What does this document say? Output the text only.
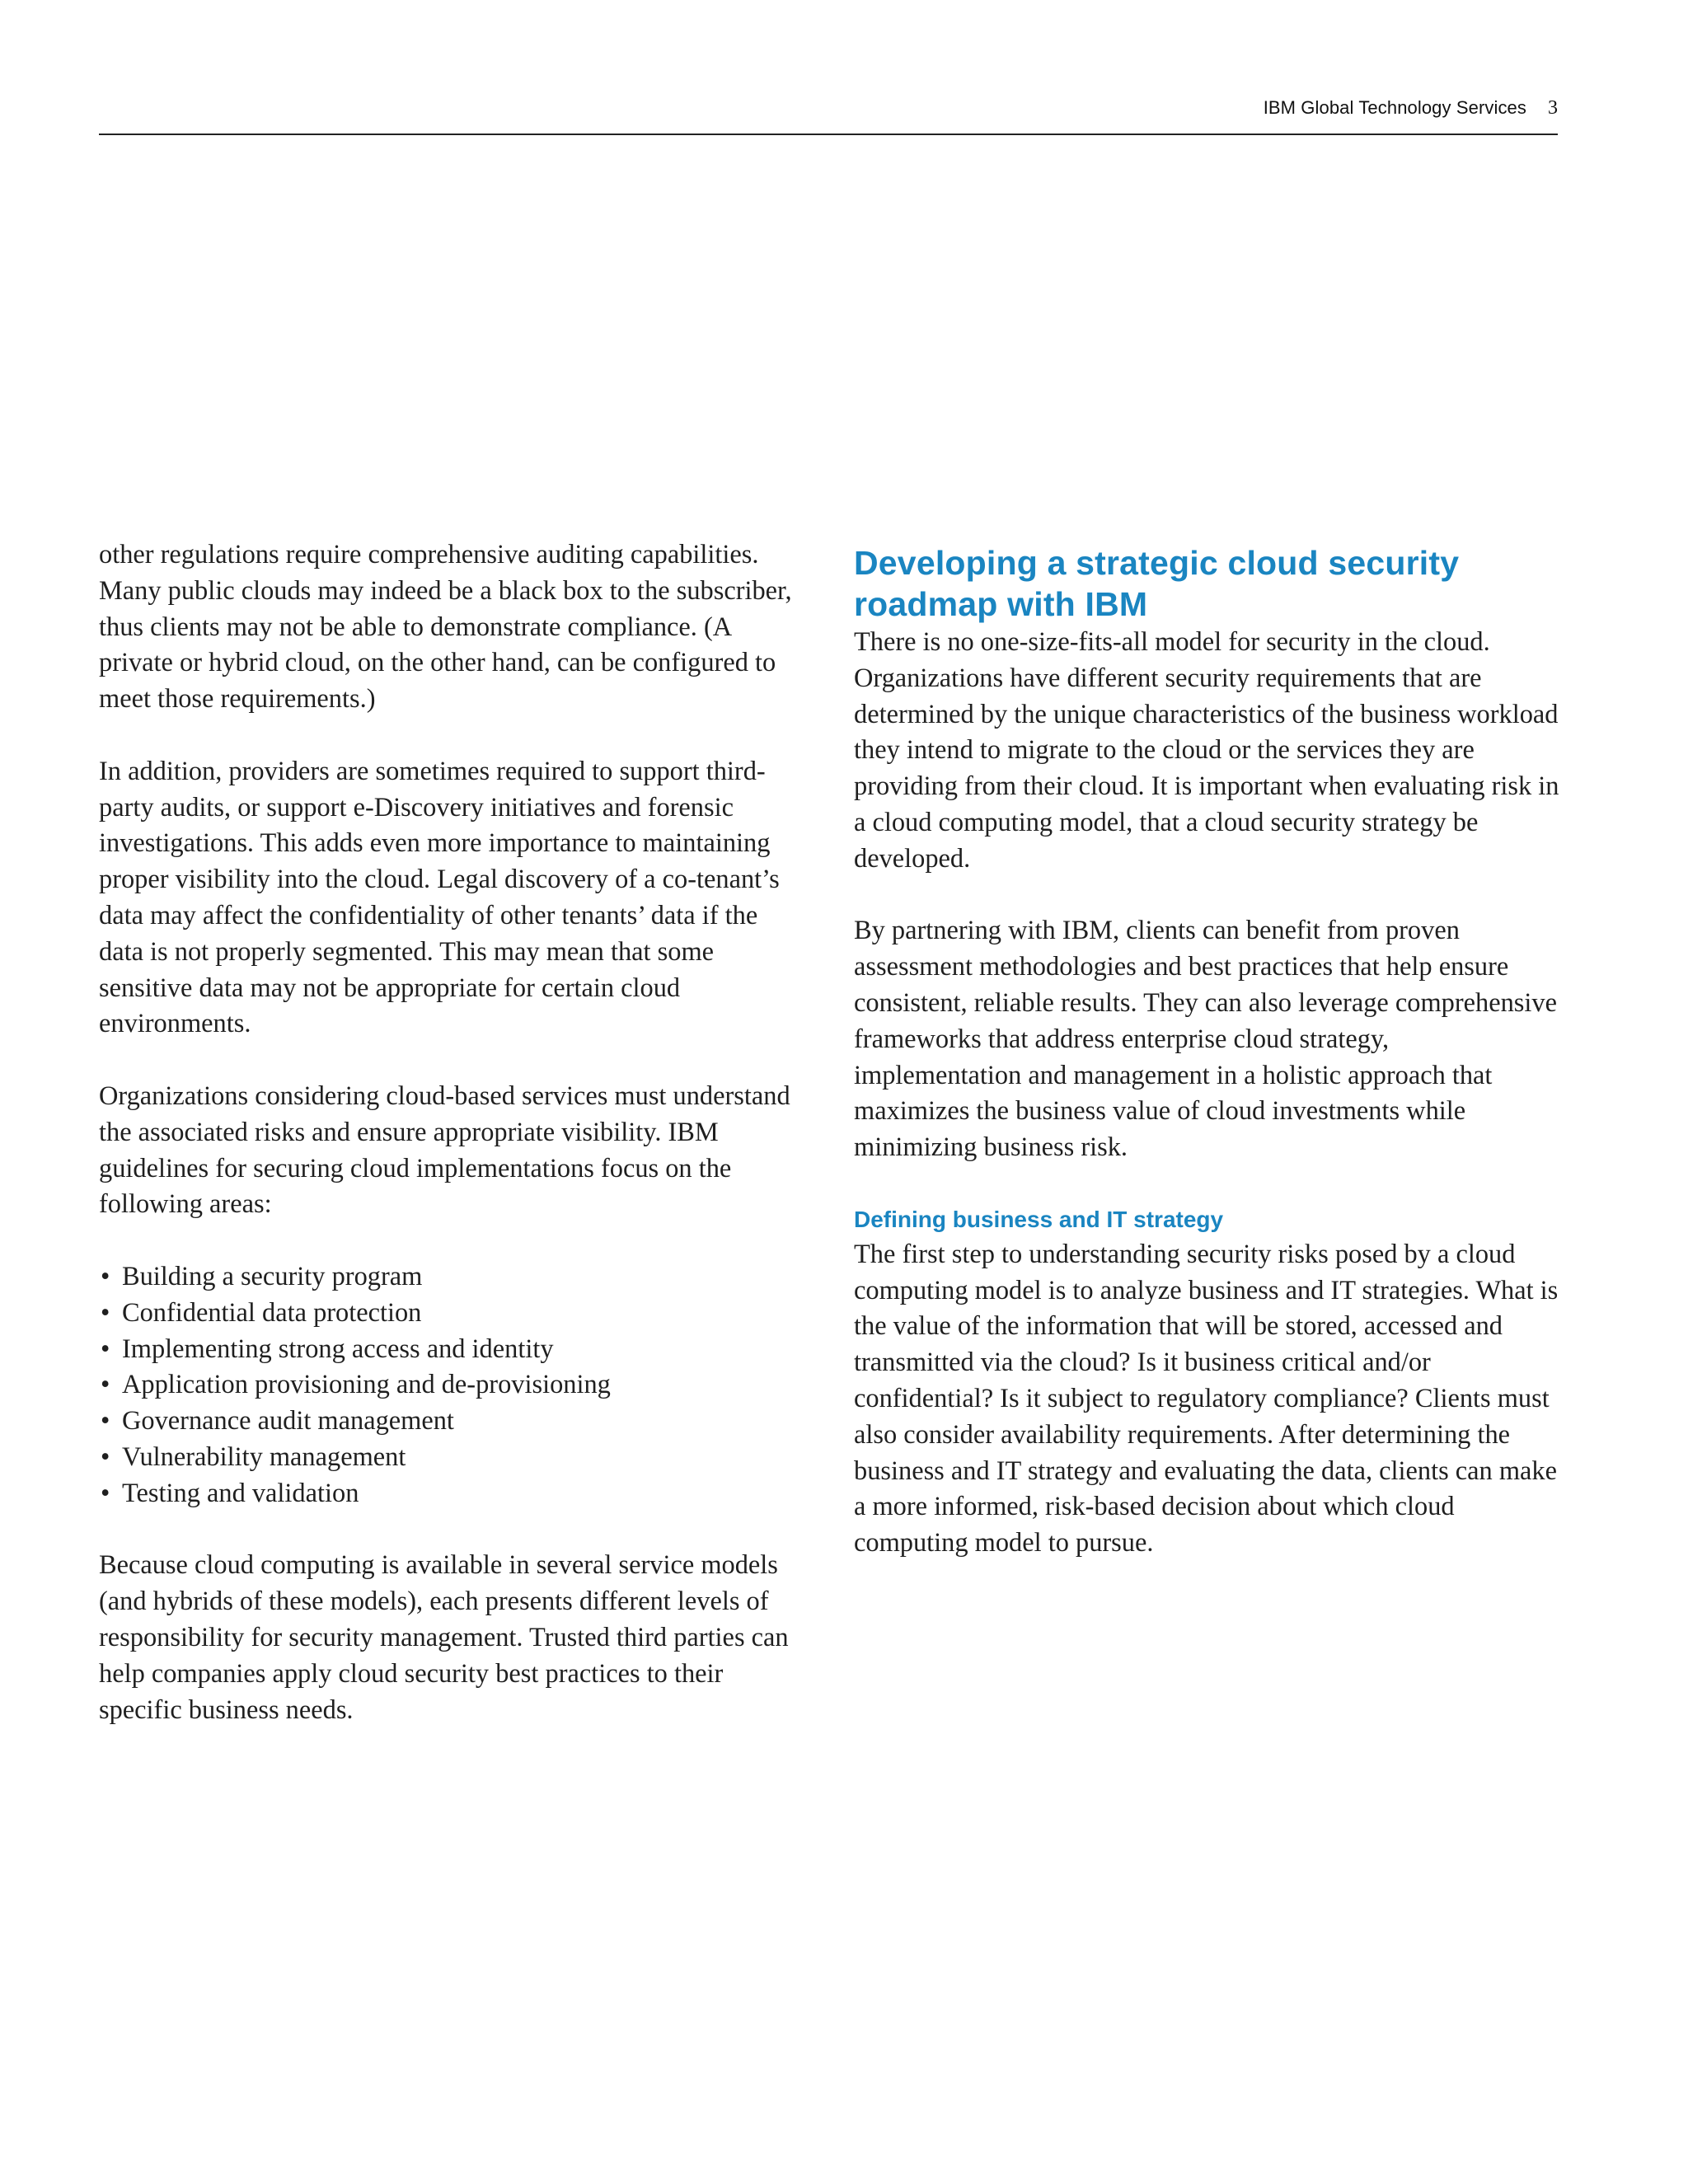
IBM Global Technology Services 3

other regulations require comprehensive auditing capabilities. Many public clouds may indeed be a black box to the subscriber, thus clients may not be able to demonstrate compliance. (A private or hybrid cloud, on the other hand, can be configured to meet those requirements.)

In addition, providers are sometimes required to support third-party audits, or support e-Discovery initiatives and forensic investigations. This adds even more importance to maintaining proper visibility into the cloud. Legal discovery of a co-tenant’s data may affect the confidentiality of other tenants’ data if the data is not properly segmented. This may mean that some sensitive data may not be appropriate for certain cloud environments.

Organizations considering cloud-based services must understand the associated risks and ensure appropriate visibility. IBM guidelines for securing cloud implementations focus on the following areas:

• Building a security program
• Confidential data protection
• Implementing strong access and identity
• Application provisioning and de-provisioning
• Governance audit management
• Vulnerability management
• Testing and validation

Because cloud computing is available in several service models (and hybrids of these models), each presents different levels of responsibility for security management. Trusted third parties can help companies apply cloud security best practices to their specific business needs.

Developing a strategic cloud security roadmap with IBM

There is no one-size-fits-all model for security in the cloud. Organizations have different security requirements that are determined by the unique characteristics of the business workload they intend to migrate to the cloud or the services they are providing from their cloud. It is important when evaluating risk in a cloud computing model, that a cloud security strategy be developed.

By partnering with IBM, clients can benefit from proven assessment methodologies and best practices that help ensure consistent, reliable results. They can also leverage comprehensive frameworks that address enterprise cloud strategy, implementation and management in a holistic approach that maximizes the business value of cloud investments while minimizing business risk.

Defining business and IT strategy

The first step to understanding security risks posed by a cloud computing model is to analyze business and IT strategies. What is the value of the information that will be stored, accessed and transmitted via the cloud? Is it business critical and/or confidential? Is it subject to regulatory compliance? Clients must also consider availability requirements. After determining the business and IT strategy and evaluating the data, clients can make a more informed, risk-based decision about which cloud computing model to pursue.
